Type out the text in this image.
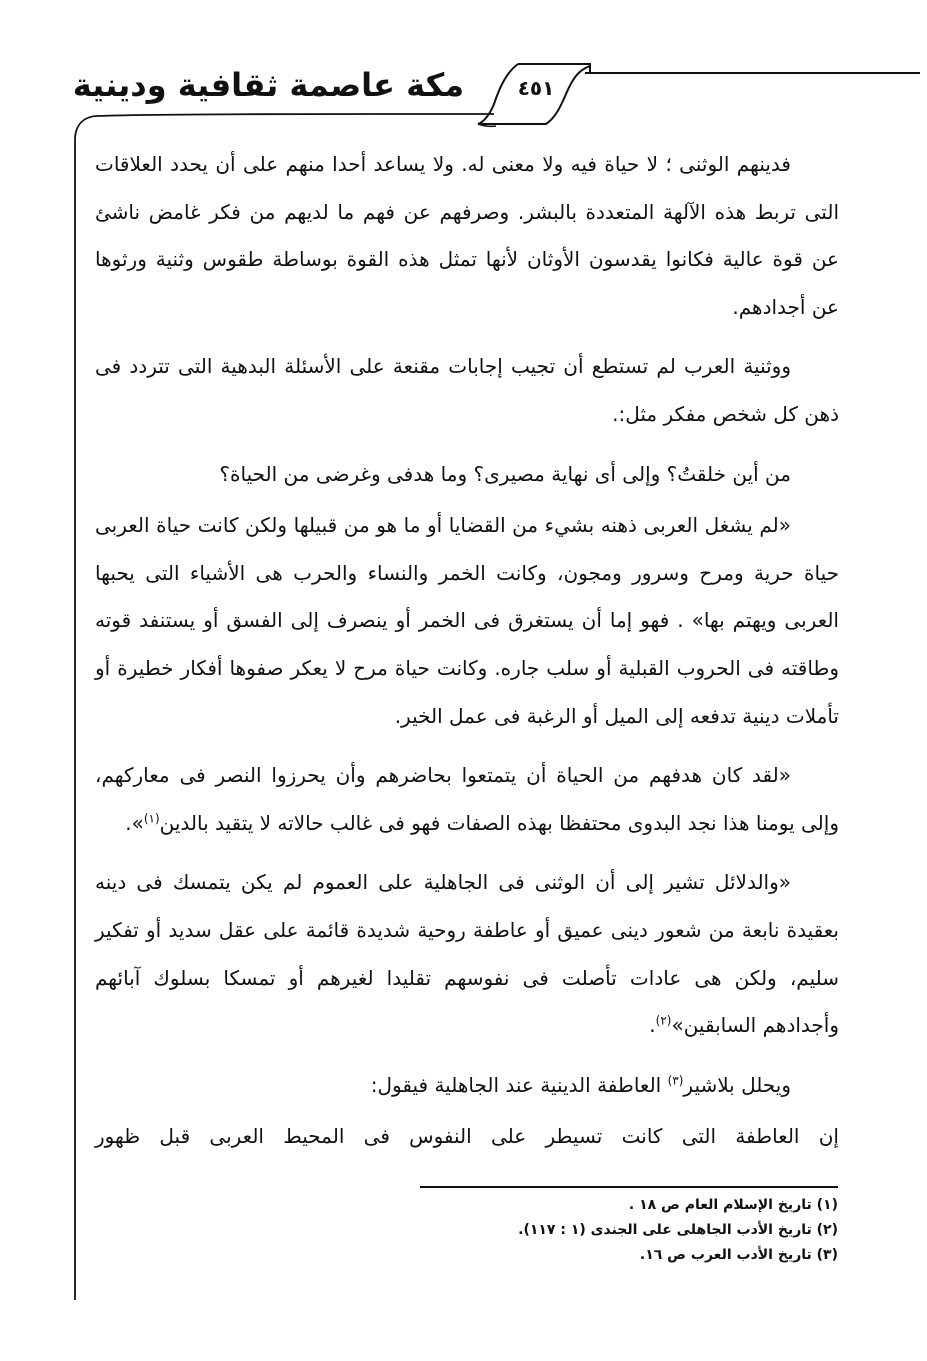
مكة عاصمة ثقافية ودينية	٤٥١

فدينهم الوثنى ؛ لا حياة فيه ولا معنى له. ولا يساعد أحدا منهم على أن يحدد العلاقات التى تربط هذه الآلهة المتعددة بالبشر. وصرفهم عن فهم ما لديهم من فكر غامض ناشئ عن قوة عالية فكانوا يقدسون الأوثان لأنها تمثل هذه القوة بوساطة طقوس وثنية ورثوها عن أجدادهم.

ووثنية العرب لم تستطع أن تجيب إجابات مقنعة على الأسئلة البدهية التى تتردد فى ذهن كل شخص مفكر مثل:.

من أين خلقتُ؟ وإلى أى نهاية مصيرى؟ وما هدفى وغرضى من الحياة؟

«لم يشغل العربى ذهنه بشيء من القضايا أو ما هو من قبيلها ولكن كانت حياة العربى حياة حرية ومرح وسرور ومجون، وكانت الخمر والنساء والحرب هى الأشياء التى يحبها العربى ويهتم بها» . فهو إما أن يستغرق فى الخمر أو ينصرف إلى الفسق أو يستنفد قوته وطاقته فى الحروب القبلية أو سلب جاره. وكانت حياة مرح لا يعكر صفوها أفكار خطيرة أو تأملات دينية تدفعه إلى الميل أو الرغبة فى عمل الخير.

«لقد كان هدفهم من الحياة أن يتمتعوا بحاضرهم وأن يحرزوا النصر فى معاركهم، وإلى يومنا هذا نجد البدوى محتفظا بهذه الصفات فهو فى غالب حالاته لا يتقيد بالدين$^{(١)}$».

«والدلائل تشير إلى أن الوثنى فى الجاهلية على العموم لم يكن يتمسك فى دينه بعقيدة نابعة من شعور دينى عميق أو عاطفة روحية شديدة قائمة على عقل سديد أو تفكير سليم، ولكن هى عادات تأصلت فى نفوسهم تقليدا لغيرهم أو تمسكا بسلوك آبائهم وأجدادهم السابقين»$^{(٢)}$.

ويحلل بلاشير$^{(٣)}$ العاطفة الدينية عند الجاهلية فيقول:

إن العاطفة التى كانت تسيطر على النفوس فى المحيط العربى قبل ظهور

(١) تاريخ الإسلام العام ص ١٨ .
(٢) تاريخ الأدب الجاهلى على الجندى (١ : ١١٧).
(٣) تاريخ الأدب العرب ص ١٦.
